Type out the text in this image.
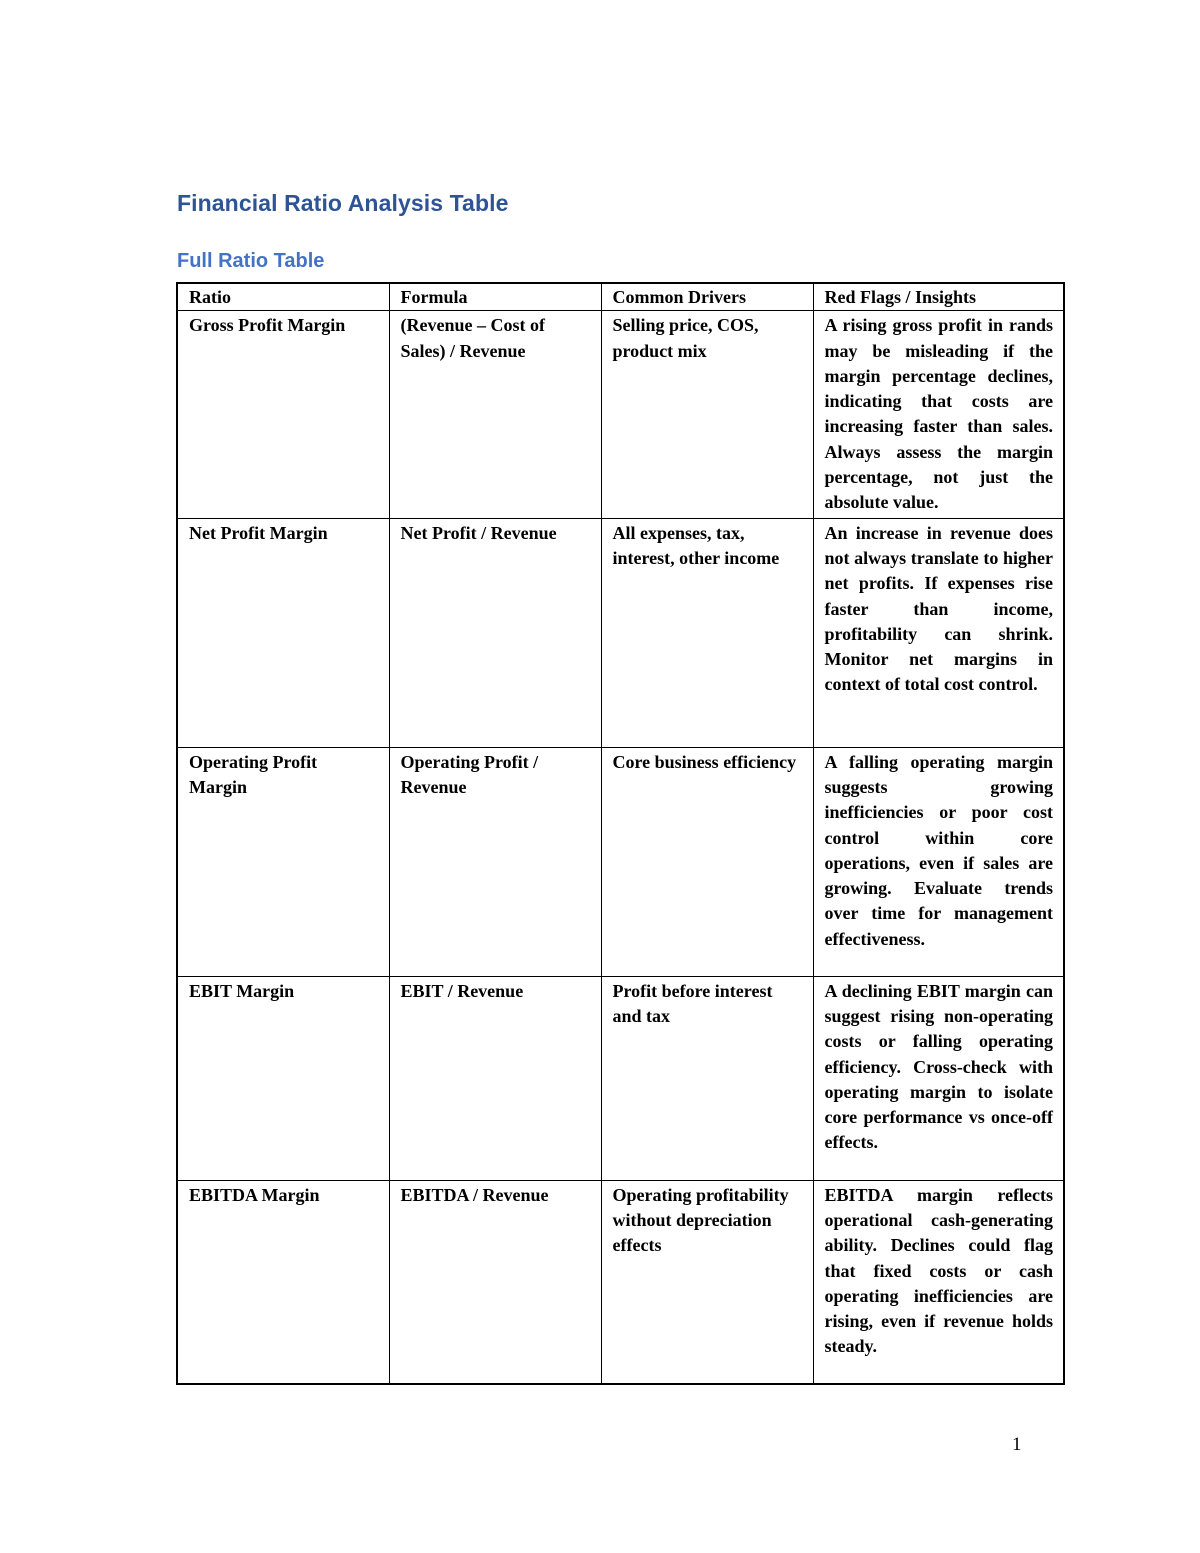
Financial Ratio Analysis Table
Full Ratio Table
Ratio	Formula	Common Drivers	Red Flags / Insights
Gross Profit Margin	(Revenue – Cost of Sales) / Revenue	Selling price, COS, product mix	A rising gross profit in rands may be misleading if the margin percentage declines, indicating that costs are increasing faster than sales. Always assess the margin percentage, not just the absolute value.
Net Profit Margin	Net Profit / Revenue	All expenses, tax, interest, other income	An increase in revenue does not always translate to higher net profits. If expenses rise faster than income, profitability can shrink. Monitor net margins in context of total cost control.
Operating Profit Margin	Operating Profit / Revenue	Core business efficiency	A falling operating margin suggests growing inefficiencies or poor cost control within core operations, even if sales are growing. Evaluate trends over time for management effectiveness.
EBIT Margin	EBIT / Revenue	Profit before interest and tax	A declining EBIT margin can suggest rising non-operating costs or falling operating efficiency. Cross-check with operating margin to isolate core performance vs once-off effects.
EBITDA Margin	EBITDA / Revenue	Operating profitability without depreciation effects	EBITDA margin reflects operational cash-generating ability. Declines could flag that fixed costs or cash operating inefficiencies are rising, even if revenue holds steady.
1
